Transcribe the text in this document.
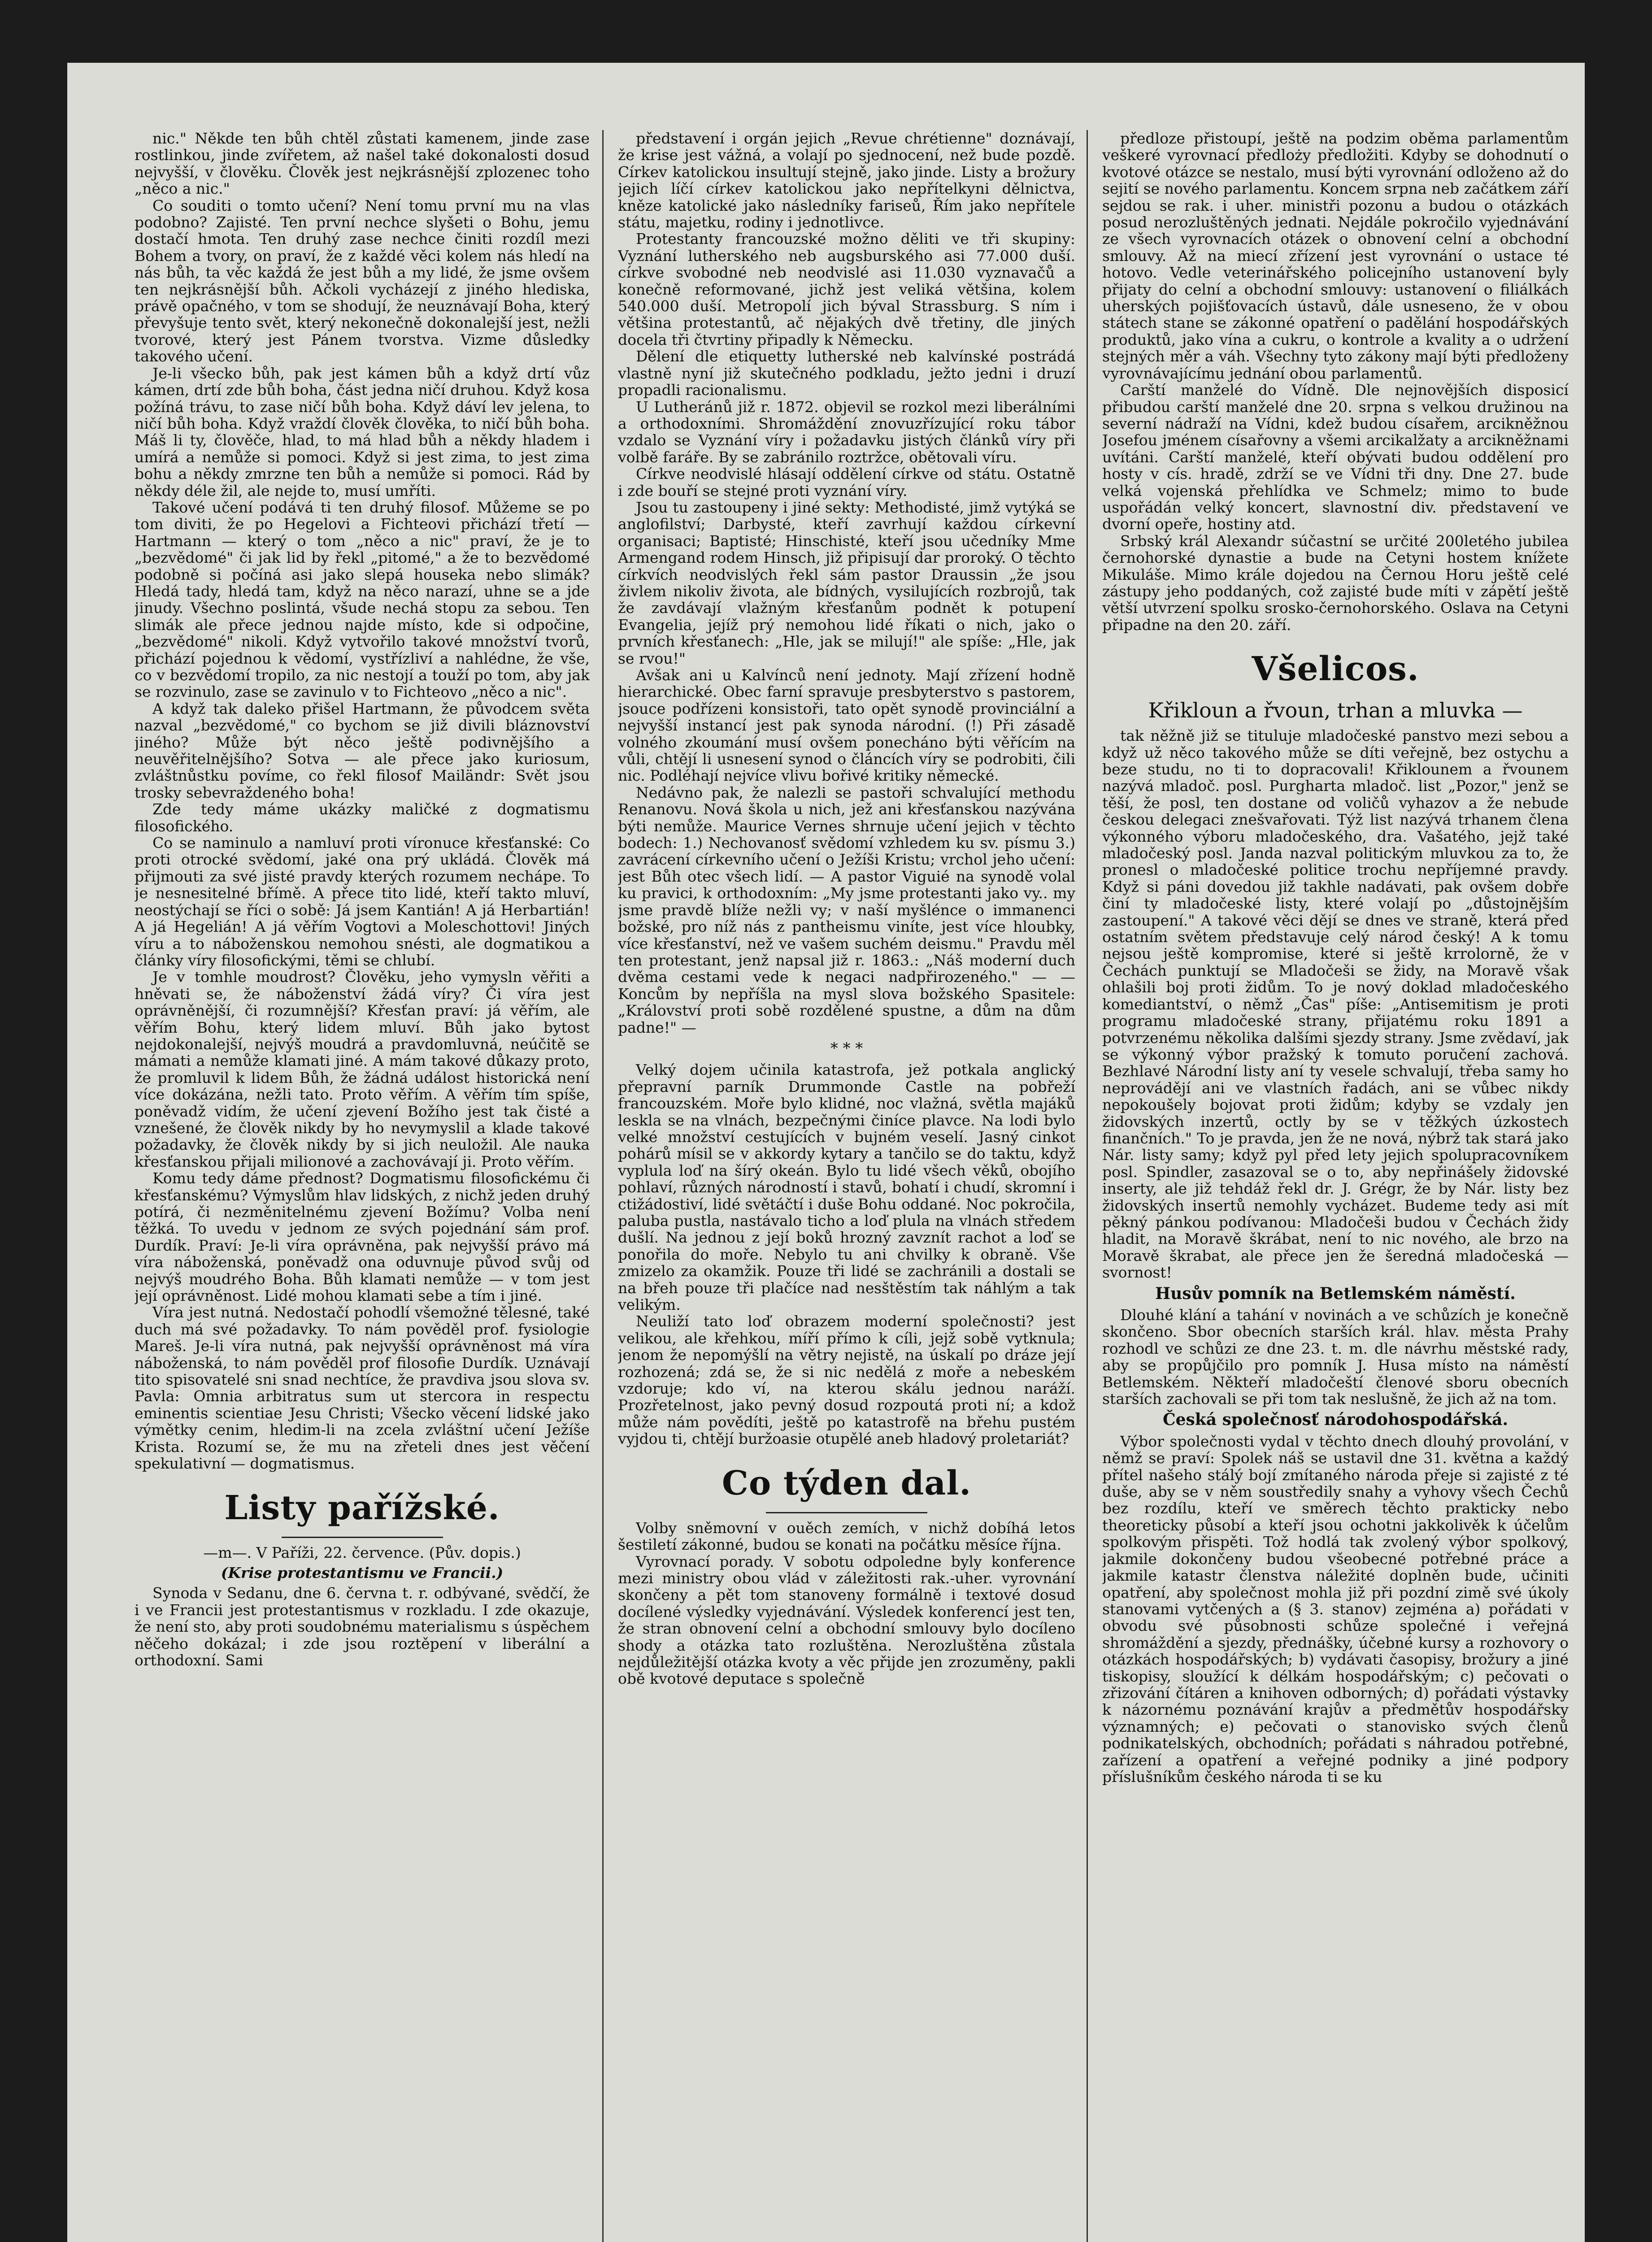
nic." Někde ten bůh chtěl zůstati kamenem, jinde zase rostlinkou, jinde zvířetem, až našel také dokonalosti dosud nejvyšší, v člověku. Člověk jest nejkrásnější zplozenec toho „něco a nic."

Co souditi o tomto učení? Není tomu první mu na vlas podobno? Zajisté. Ten první nechce slyšeti o Bohu, jemu dostačí hmota. Ten druhý zase nechce činiti rozdíl mezi Bohem a tvory, on praví, že z každé věci kolem nás hledí na nás bůh, ta věc každá že jest bůh a my lidé, že jsme ovšem ten nejkrásnější bůh. Ačkoli vycházejí z jiného hlediska, právě opačného, v tom se shodují, že neuznávají Boha, který převyšuje tento svět, který nekonečně dokonalejší jest, nežli tvorové, který jest Pánem tvorstva. Vizme důsledky takového učení.

Je-li všecko bůh, pak jest kámen bůh a když drtí vůz kámen, drtí zde bůh boha, část jedna ničí druhou. Když kosa požíná trávu, to zase ničí bůh boha. Když dáví lev jelena, to ničí bůh boha. Když vraždí člověk člověka, to ničí bůh boha. Máš li ty, člověče, hlad, to má hlad bůh a někdy hladem i umírá a nemůže si pomoci. Když si jest zima, to jest zima bohu a někdy zmrzne ten bůh a nemůže si pomoci. Rád by někdy déle žil, ale nejde to, musí umříti.

Takové učení podává ti ten druhý filosof. Můžeme se po tom diviti, že po Hegelovi a Fichteovi přichází třetí — Hartmann — který o tom „něco a nic" praví, že je to „bezvědomé" či jak lid by řekl „pitomé," a že to bezvědomé podobně si počíná asi jako slepá houseka nebo slimák? Hledá tady, hledá tam, když na něco narazí, uhne se a jde jinudy. Všechno poslintá, všude nechá stopu za sebou. Ten slimák ale přece jednou najde místo, kde si odpočine, „bezvědomé" nikoli. Když vytvořilo takové množství tvorů, přichází pojednou k vědomí, vystřízliví a nahlédne, že vše, co v bezvědomí tropilo, za nic nestojí a touží po tom, aby jak se rozvinulo, zase se zavinulo v to Fichteovo „něco a nic".

A když tak daleko přišel Hartmann, že původcem světa nazval „bezvědomé," co bychom se již divili bláznovství jiného? Může být něco ještě podivnějšího a neuvěřitelnějšího? Sotva — ale přece jako kuriosum, zvláštnůstku povíme, co řekl filosof Mailändr: Svět jsou trosky sebevraždeného boha!

Zde tedy máme ukázky maličké z dogmatismu filosofického.

Co se naminulo a namluví proti víronuce křesťanské: Co proti otrocké svědomí, jaké ona prý ukládá. Člověk má přijmouti za své jisté pravdy kterých rozumem nechápe. To je nesnesitelné břímě. A přece tito lidé, kteří takto mluví, neostýchají se říci o sobě: Já jsem Kantián! A já Herbartián! A já Hegelián! A já věřím Vogtovi a Moleschottovi! Jiných víru a to náboženskou nemohou snésti, ale dogmatikou a články víry filosofickými, těmi se chlubí.

Je v tomhle moudrost? Člověku, jeho vymysln věřiti a hněvati se, že náboženství žádá víry? Či víra jest oprávněnější, či rozumnější? Křesťan praví: já věřím, ale věřím Bohu, který lidem mluví. Bůh jako bytost nejdokonalejší, nejvýš moudrá a pravdomluvná, neúčitě se mámati a nemůže klamati jiné. A mám takové důkazy proto, že promluvil k lidem Bůh, že žádná událost historická není více dokázána, nežli tato. Proto věřím. A věřím tím spíše, poněvadž vidím, že učení zjevení Božího jest tak čisté a vznešené, že člověk nikdy by ho nevymyslil a klade takové požadavky, že člověk nikdy by si jich neuložil. Ale nauka křesťanskou přijali milionové a zachovávají ji. Proto věřím.

Komu tedy dáme přednost? Dogmatismu filosofickému či křesťanskému? Výmyslům hlav lidských, z nichž jeden druhý potírá, či nezměnitelnému zjevení Božímu? Volba není těžká. To uvedu v jednom ze svých pojednání sám prof. Durdík. Praví: Je-li víra oprávněna, pak nejvyšší právo má víra náboženská, poněvadž ona oduvnuje původ svůj od nejvýš moudrého Boha. Bůh klamati nemůže — v tom jest její oprávněnost. Lidé mohou klamati sebe a tím i jiné.

Víra jest nutná. Nedostačí pohodlí všemožné tělesné, také duch má své požadavky. To nám pověděl prof. fysiologie Mareš. Je-li víra nutná, pak nejvyšší oprávněnost má víra náboženská, to nám pověděl prof filosofie Durdík. Uznávají tito spisovatelé sni snad nechtíce, že pravdiva jsou slova sv. Pavla: Omnia arbitratus sum ut stercora in respectu eminentis scientiae Jesu Christi; Všecko věcení lidské jako výmětky cenim, hledim-li na zcela zvláštní učení Ježíše Krista. Rozumí se, že mu na zřeteli dnes jest věčení spekulativní — dogmatismus.

Listy pařížské.
—m—. V Paříži, 22. července. (Pův. dopis.)
(Krise protestantismu ve Francii.)

Synoda v Sedanu, dne 6. června t. r. odbývané, svědčí, že i ve Francii jest protestantismus v rozkladu. I zde okazuje, že není sto, aby proti soudobnému materialismu s úspěchem něčeho dokázal; i zde jsou roztěpení v liberální a orthodoxní. Sami

představení i orgán jejich „Revue chrétienne" doznávají, že krise jest vážná, a volají po sjednocení, než bude pozdě. Církev katolickou insultují stejně, jako jinde. Listy a brožury jejich líčí církev katolickou jako nepřítelkyni dělnictva, kněze katolické jako následníky fariseů, Řím jako nepřítele státu, majetku, rodiny i jednotlivce.

Protestanty francouzské možno děliti ve tři skupiny: Vyznání lutherského neb augsburského asi 77.000 duší. církve svobodné neb neodvislé asi 11.030 vyznavačů a konečně reformované, jichž jest veliká většina, kolem 540.000 duší. Metropolí jich býval Strassburg. S ním i většina protestantů, ač nějakých dvě třetiny, dle jiných docela tři čtvrtiny připadly k Německu.

Dělení dle etiquetty lutherské neb kalvínské postrádá vlastně nyní již skutečného podkladu, ježto jedni i druzí propadli racionalismu.

U Lutheránů již r. 1872. objevil se rozkol mezi liberálními a orthodoxními. Shromáždění znovuzřízující roku tábor vzdalo se Vyznání víry i požadavku jistých článků víry při volbě faráře. By se zabránilo roztržce, obětovali víru.

Církve neodvislé hlásají oddělení církve od státu. Ostatně i zde bouří se stejné proti vyznání víry.

Jsou tu zastoupeny i jiné sekty: Methodisté, jimž vytýká se anglofilství; Darbysté, kteří zavrhují každou církevní organisaci; Baptisté; Hinschisté, kteří jsou učedníky Mme Armengand rodem Hinsch, již připisují dar proroký. O těchto církvích neodvislých řekl sám pastor Draussin „že jsou živlem nikoliv života, ale bídných, vysilujících rozbrojů, tak že zavdávají vlažným křesťanům podnět k potupení Evangelia, jejíž prý nemohou lidé říkati o nich, jako o prvních křesťanech: „Hle, jak se milují!" ale spíše: „Hle, jak se rvou!"

Avšak ani u Kalvínců není jednoty. Mají zřízení hodně hierarchické. Obec farní spravuje presbyterstvo s pastorem, jsouce podřízeni konsistoři, tato opět synodě provinciální a nejvyšší instancí jest pak synoda národní. (!) Při zásadě volného zkoumání musí ovšem ponecháno býti věřícím na vůli, chtějí li usnesení synod o článcích víry se podrobiti, čili nic. Podléhají nejvíce vlivu bořivé kritiky německé.

Nedávno pak, že nalezli se pastoři schvalující methodu Renanovu. Nová škola u nich, jež ani křesťanskou nazývána býti nemůže. Maurice Vernes shrnuje učení jejich v těchto bodech: 1.) Nechovanosť svědomí vzhledem ku sv. písmu 3.) zavrácení církevního učení o Ježíši Kristu; vrchol jeho učení: jest Bůh otec všech lidí. — A pastor Viguié na synodě volal ku pravici, k orthodoxním: „My jsme protestanti jako vy.. my jsme pravdě blíže nežli vy; v naší myšlénce o immanenci božské, pro níž nás z pantheismu viníte, jest více hloubky, více křesťanství, než ve vašem suchém deismu." Pravdu měl ten protestant, jenž napsal již r. 1863.: „Náš moderní duch dvěma cestami vede k negaci nadpřirozeného." — — Koncům by nepříšla na mysl slova božského Spasitele: „Království proti sobě rozdělené spustne, a dům na dům padne!" —

* * *

Velký dojem učinila katastrofa, jež potkala anglický přepravní parník Drummonde Castle na pobřeží francouzském. Moře bylo klidné, noc vlažná, světla majáků leskla se na vlnách, bezpečnými činíce plavce. Na lodi bylo velké množství cestujících v bujném veselí. Jasný cinkot pohárů mísil se v akkordy kytary a tančilo se do taktu, když vyplula loď na šírý okeán. Bylo tu lidé všech věků, obojího pohlaví, různých národností i stavů, bohatí i chudí, skromní i ctižádostiví, lidé světáčtí i duše Bohu oddané. Noc pokročila, paluba pustla, nastávalo ticho a loď plula na vlnách středem dušlí. Na jednou z její boků hrozný zavznít rachot a loď se ponořila do moře. Nebylo tu ani chvilky k obraně. Vše zmizelo za okamžik. Pouze tři lidé se zachránili a dostali se na břeh pouze tři plačíce nad nesštěstím tak náhlým a tak velikým.

Neuliží tato loď obrazem moderní společnosti? jest velikou, ale křehkou, míří přímo k cíli, jejž sobě vytknula; jenom že nepomýšlí na větry nejistě, na úskalí po dráze její rozhozená; zdá se, že si nic nedělá z moře a nebeském vzdoruje; kdo ví, na kterou skálu jednou naráží. Prozřetelnost, jako pevný dosud rozpoutá proti ní; a kdož může nám povědíti, ještě po katastrofě na břehu pustém vyjdou ti, chtějí buržoasie otupělé aneb hladový proletariát?

Co týden dal.

Volby sněmovní v ouěch zemích, v nichž dobíhá letos šestiletí zákonné, budou se konati na počátku měsíce října.

Vyrovnací porady. V sobotu odpoledne byly konference mezi ministry obou vlád v záležitosti rak.-uher. vyrovnání skončeny a pět tom stanoveny formálně i textové dosud docílené výsledky vyjednávání. Výsledek konferencí jest ten, že stran obnovení celní a obchodní smlouvy bylo docíleno shody a otázka tato rozluštěna. Nerozluštěna zůstala nejdůležitější otázka kvoty a věc přijde jen zrozuměny, pakli obě kvotové deputace s společně

předloze přistoupí, ještě na podzim oběma parlamentům veškeré vyrovnací předloży předložiti. Kdyby se dohodnutí o kvotové otázce se nestalo, musí býti vyrovnání odloženo až do sejití se nového parlamentu. Koncem srpna neb začátkem září sejdou se rak. i uher. ministři pozonu a budou o otázkách posud nerozluštěných jednati. Nejdále pokročilo vyjednávání ze všech vyrovnacích otázek o obnovení celní a obchodní smlouvy. Až na miecí zřízení jest vyrovnání o ustace té hotovo. Vedle veterinářského policejního ustanovení byly přijaty do celní a obchodní smlouvy: ustanovení o filiálkách uherských pojišťovacích ústavů, dále usneseno, že v obou státech stane se zákonné opatření o padělání hospodářských produktů, jako vína a cukru, o kontrole a kvality a o udržení stejných měr a váh. Všechny tyto zákony mají býti předloženy vyrovnávajícímu jednání obou parlamentů.

Carští manželé do Vídně. Dle nejnovějších disposicí přibudou carští manželé dne 20. srpna s velkou družinou na severní nádraží na Vídni, kdež budou císařem, arcikněžnou Josefou jménem císařovny a všemi arcikalžaty a arcikněžnami uvítáni. Carští manželé, kteří obývati budou oddělení pro hosty v cís. hradě, zdrží se ve Vídni tři dny. Dne 27. bude velká vojenská přehlídka ve Schmelz; mimo to bude uspořádán velký koncert, slavnostní div. představení ve dvorní opeře, hostiny atd.

Srbský král Alexandr súčastní se určité 200letého jubilea černohorské dynastie a bude na Cetyni hostem knížete Mikuláše. Mimo krále dojedou na Černou Horu ještě celé zástupy jeho poddaných, což zajisté bude míti v zápětí ještě větší utvrzení spolku srosko-černohorského. Oslava na Cetyni připadne na den 20. září.

Všelicos.
Křikloun a řvoun, trhan a mluvka —

tak něžně již se tituluje mladočeské panstvo mezi sebou a když už něco takového může se díti veřejně, bez ostychu a beze studu, no ti to dopracovali! Křiklounem a řvounem nazývá mladoč. posl. Purgharta mladoč. list „Pozor," jenž se těší, že posl, ten dostane od voličů vyhazov a že nebude českou delegaci znešvařovati. Týž list nazývá trhanem člena výkonného výboru mladočeského, dra. Vašatého, jejž také mladočeský posl. Janda nazval politickým mluvkou za to, že pronesl o mladočeské politice trochu nepříjemné pravdy. Když si páni dovedou již takhle nadávati, pak ovšem dobře činí ty mladočeské listy, které volají po „důstojnějším zastoupení." A takové věci dějí se dnes ve straně, která před ostatním světem představuje celý národ český! A k tomu nejsou ještě kompromise, které si ještě krrolorně, že v Čechách punktují se Mladočeši se židy, na Moravě však ohlašili boj proti židům. To je nový doklad mladočeského komediantství, o němž „Čas" píše: „Antisemitism je proti programu mladočeské strany, přijatému roku 1891 a potvrzenému několika dalšími sjezdy strany. Jsme zvědaví, jak se výkonný výbor pražský k tomuto poručení zachová. Bezhlavé Národní listy aní ty vesele schvalují, třeba samy ho neprovádějí ani ve vlastních řadách, ani se vůbec nikdy nepokoušely bojovat proti židům; kdyby se vzdaly jen židovských inzertů, octly by se v těžkých úzkostech finančních." To je pravda, jen že ne nová, nýbrž tak stará jako Nár. listy samy; když pyl před lety jejich spolupracovníkem posl. Spindler, zasazoval se o to, aby nepřinášely židovské inserty, ale již tehdáž řekl dr. J. Grégr, že by Nár. listy bez židovských insertů nemohly vycházet. Budeme tedy asi mít pěkný pánkou podívanou: Mladočeši budou v Čechách židy hladit, na Moravě škrábat, není to nic nového, ale brzo na Moravě škrabat, ale přece jen že šeredná mladočeská — svornost!

Husův pomník na Betlemském náměstí.

Dlouhé klání a tahání v novinách a ve schůzích je konečně skončeno. Sbor obecních starších král. hlav. města Prahy rozhodl ve schůzi ze dne 23. t. m. dle návrhu městské rady, aby se propůjčilo pro pomník J. Husa místo na náměstí Betlemském. Někteří mladočeští členové sboru obecních starších zachovali se při tom tak neslušně, že jich až na tom.

Česká společnosť národohospodářská.

Výbor společnosti vydal v těchto dnech dlouhý provolání, v němž se praví: Spolek náš se ustavil dne 31. května a každý přítel našeho stálý bojí zmítaného národa přeje si zajisté z té duše, aby se v něm soustředily snahy a vyhovy všech Čechů bez rozdílu, kteří ve směrech těchto prakticky nebo theoreticky působí a kteří jsou ochotni jakkolivěk k účelům spolkovým přispěti. Tož hodlá tak zvolený výbor spolkový, jakmile dokončeny budou všeobecné potřebné práce a jakmile katastr členstva náležité doplněn bude, učiniti opatření, aby společnost mohla již při pozdní zimě své úkoly stanovami vytčených a (§ 3. stanov) zejména a) pořádati v obvodu své působnosti schůze společné i veřejná shromáždění a sjezdy, přednášky, účebné kursy a rozhovory o otázkách hospodářských; b) vydávati časopisy, brožury a jiné tiskopisy, sloužící k délkám hospodářským; c) pečovati o zřizování čítáren a knihoven odborných; d) pořádati výstavky k názornému poznávání krajův a předmětův hospodářsky významných; e) pečovati o stanovisko svých členů podnikatelských, obchodních; pořádati s náhradou potřebné, zařízení a opatření a veřejné podniky a jiné podpory příslušníkům českého národa ti se ku
